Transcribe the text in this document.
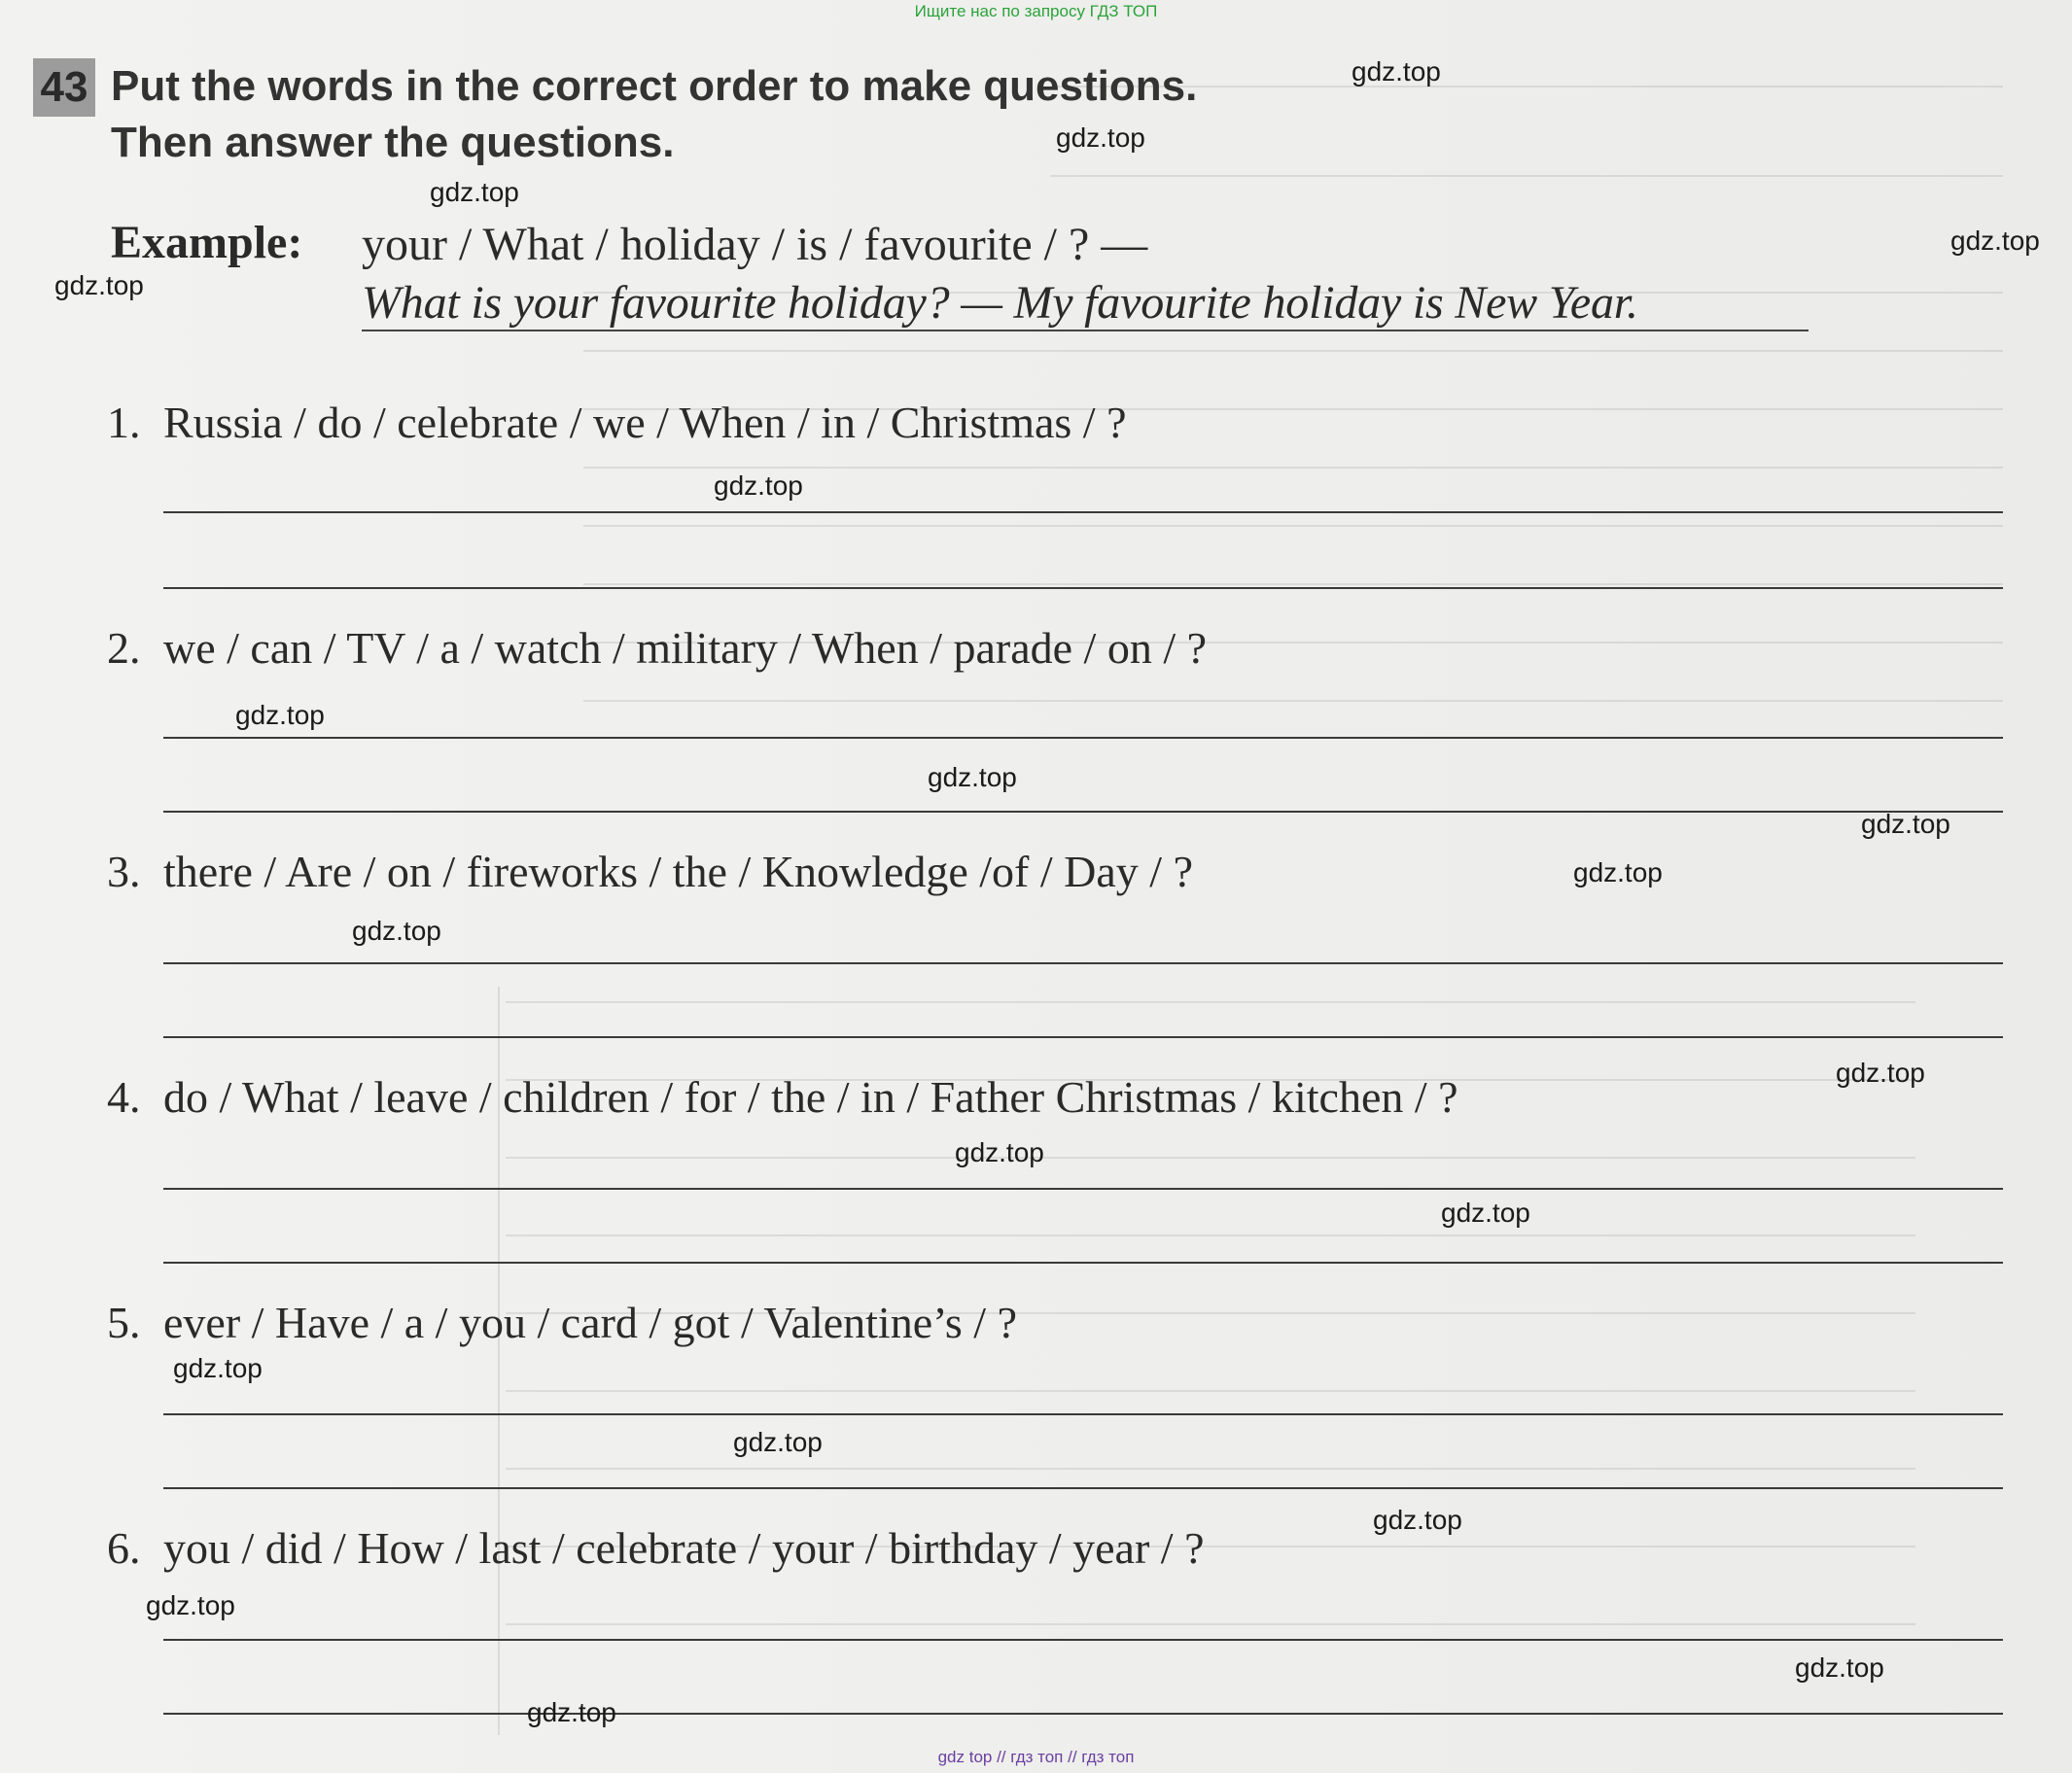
Ищите нас по запросу ГДЗ ТОП
43 Put the words in the correct order to make questions.
Then answer the questions.
Example: your / What / holiday / is / favourite / ? —
What is your favourite holiday? — My favourite holiday is New Year.
1. Russia / do / celebrate / we / When / in / Christmas / ?
2. we / can / TV / a / watch / military / When / parade / on / ?
3. there / Are / on / fireworks / the / Knowledge /of / Day / ?
4. do / What / leave / children / for / the / in / Father Christmas / kitchen / ?
5. ever / Have / a / you / card / got / Valentine’s / ?
6. you / did / How / last / celebrate / your / birthday / year / ?
gdz.top
gdz.top
gdz.top
gdz.top
gdz.top
gdz.top
gdz.top
gdz.top
gdz.top
gdz.top
gdz.top
gdz.top
gdz.top
gdz.top
gdz.top
gdz.top
gdz.top
gdz.top
gdz.top
gdz.top
gdz top // гдз топ // гдз топ
